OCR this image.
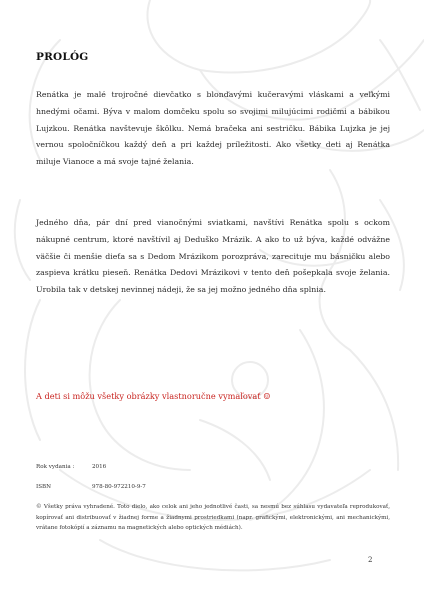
PROLÓG

Renátka je malé trojročné dievčatko s blonďavými kučeravými vláskami a veľkými hnedými očami. Býva v malom domčeku spolu so svojimi milujúcimi rodičmi a bábikou Lujzkou. Renátka navštevuje škôlku. Nemá bračeka ani sestričku. Bábika Lujzka je jej vernou spoločníčkou každý deň a pri každej príležitosti. Ako všetky deti aj Renátka miluje Vianoce a má svoje tajné želania.

Jedného dňa, pár dní pred vianočnými sviatkami, navštívi Renátka spolu s ockom nákupné centrum, ktoré navštívil aj Deduško Mrázik. A ako to už býva, každé odvážne väčšie či menšie dieťa sa s Dedom Mrázikom porozpráva, zarecituje mu básničku alebo zaspieva krátku pieseň. Renátka Dedovi Mrázikovi v tento deň pošepkala svoje želania. Urobila tak v detskej nevinnej nádeji, že sa jej možno jedného dňa splnia.

A deti si môžu všetky obrázky vlastnoručne vymaľovať ☺
Rok vydania :	2016
ISBN	978-80-972210-9-7
© Všetky práva vyhradené. Toto dielo, ako celok ani jeho jednotlivé časti, sa nesmú bez súhlasu vydavateľa reprodukovať, kopírovať ani distribuovať v žiadnej forme a žiadnymi prostriedkami (napr. grafickými, elektronickými, ani mechanickými, vrátane fotokópií a záznamu na magnetických alebo optických médiách).
2
